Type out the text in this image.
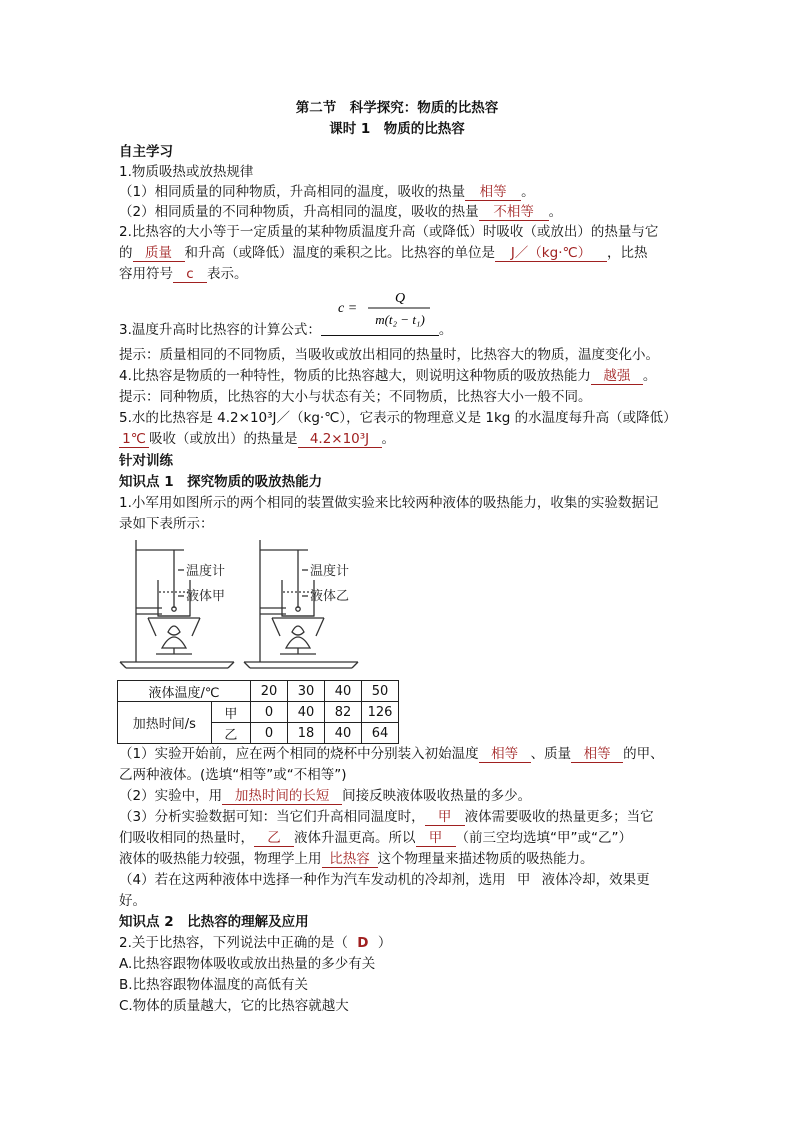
第二节　科学探究：物质的比热容
课时 1　物质的比热容
自主学习
1.物质吸热或放热规律
（1）相同质量的同种物质，升高相同的温度，吸收的热量 相等 。
（2）相同质量的不同种物质，升高相同的温度，吸收的热量 不相等 。
2.比热容的大小等于一定质量的某种物质温度升高（或降低）时吸收（或放出）的热量与它
的 质量 和升高（或降低）温度的乘积之比。比热容的单位是 J／（kg·℃） ，比热
容用符号 c 表示。
c =
Q
m(t₂ − t₁)
3.温度升高时比热容的计算公式：	。
提示：质量相同的不同物质，当吸收或放出相同的热量时，比热容大的物质，温度变化小。
4.比热容是物质的一种特性，物质的比热容越大，则说明这种物质的吸放热能力 越强 。
提示：同种物质，比热容的大小与状态有关；不同物质，比热容大小一般不同。
5.水的比热容是 4.2×10³J／（kg·℃），它表示的物理意义是 1kg 的水温度每升高（或降低）
1℃ 吸收（或放出）的热量是 4.2×10³J 。
针对训练
知识点 1　探究物质的吸放热能力
1.小军用如图所示的两个相同的装置做实验来比较两种液体的吸热能力，收集的实验数据记
录如下表所示：
温度计
液体甲
温度计
液体乙
液体温度/℃		20	30	40	50
加热时间/s	甲	0	40	82	126
	乙	0	18	40	64
（1）实验开始前，应在两个相同的烧杯中分别装入初始温度 相等 、质量 相等 的甲、
乙两种液体。(选填“相等”或“不相等”)
（2）实验中，用 加热时间的长短 间接反映液体吸收热量的多少。
（3）分析实验数据可知：当它们升高相同温度时， 甲 液体需要吸收的热量更多；当它
们吸收相同的热量时， 乙 液体升温更高。所以 甲 （前三空均选填“甲”或“乙”）
液体的吸热能力较强，物理学上用 比热容 这个物理量来描述物质的吸热能力。
（4）若在这两种液体中选择一种作为汽车发动机的冷却剂，选用 甲 液体冷却，效果更
好。
知识点 2　比热容的理解及应用
2.关于比热容，下列说法中正确的是（ D ）
A.比热容跟物体吸收或放出热量的多少有关
B.比热容跟物体温度的高低有关
C.物体的质量越大，它的比热容就越大
